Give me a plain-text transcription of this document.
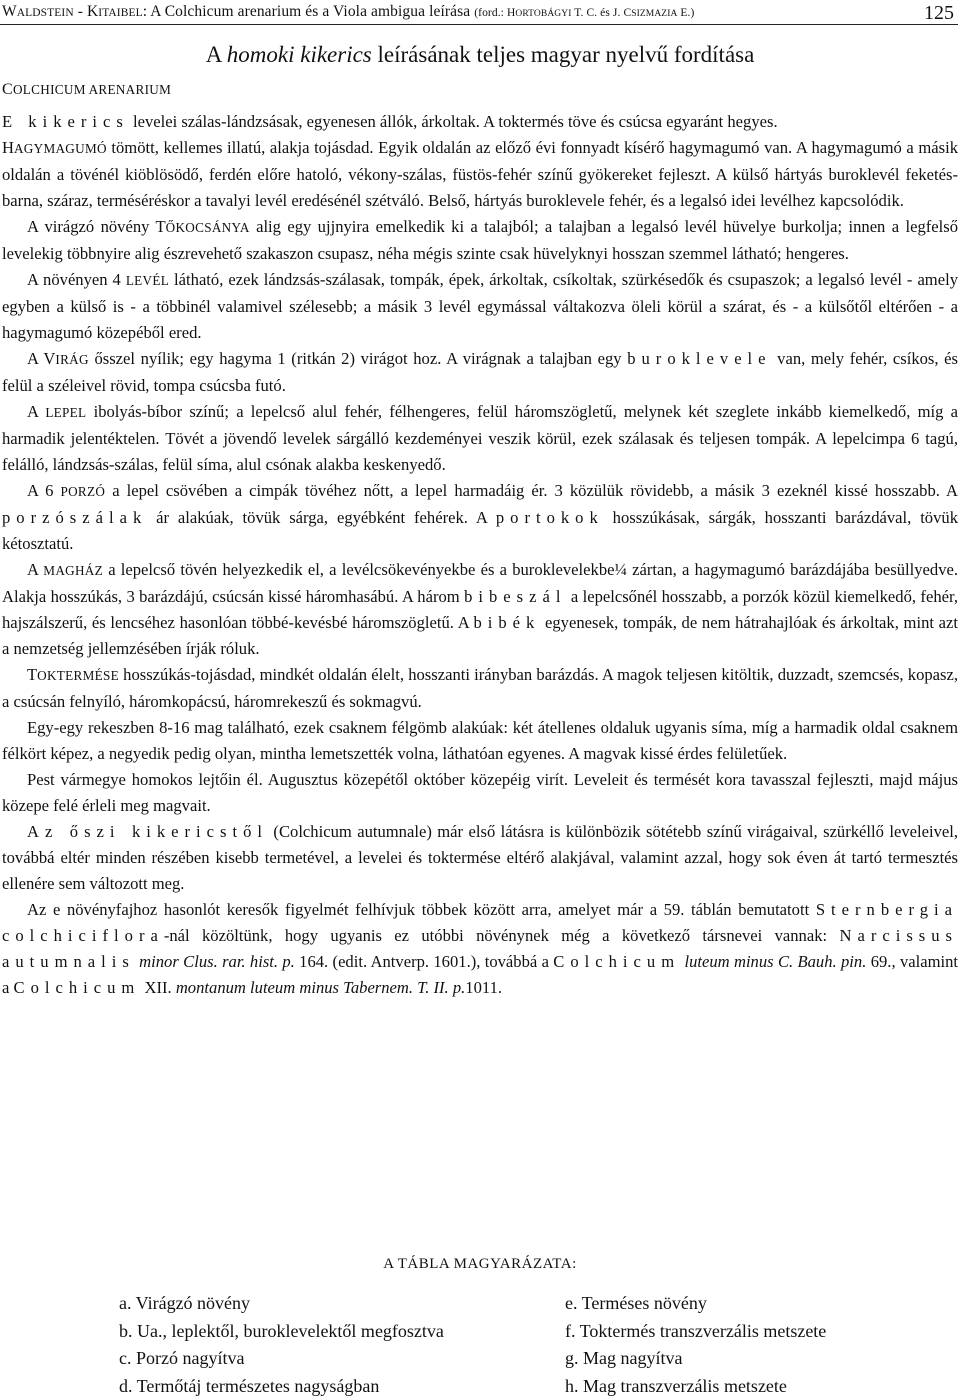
WALDSTEIN - KITAIBEL: A Colchicum arenarium és a Viola ambigua leírása (ford.: HORTOBÁGYI T. C. és J. CSIZMAZIA E.)	125
A homoki kikerics leírásának teljes magyar nyelvű fordítása
COLCHICUM ARENARIUM

E kikerics levelei szálas-lándzsásak, egyenesen állók, árkoltak. A toktermés töve és csúcsa egyaránt hegyes.

HAGYMAGUMÓ tömött, kellemes illatú, alakja tojásdad. Egyik oldalán az előző évi fonnyadt kísérő hagymagumó van. A hagymagumó a másik oldalán a tövénél kiöblösödő, ferdén előre hatoló, vékony-szálas, füstös-fehér színű gyökereket fejleszt. A külső hártyás buroklevél feketés-barna, száraz, terméséréskor a tavalyi levél eredésénél szétváló. Belső, hártyás buroklevele fehér, és a legalsó idei levélhez kapcsolódik.

A virágzó növény TŐKOCSÁNYA alig egy ujjnyira emelkedik ki a talajból; a talajban a legalsó levél hüvelye burkolja; innen a legfelső levelekig többnyire alig észrevehető szakaszon csupasz, néha mégis szinte csak hüvelyknyi hosszan szemmel látható; hengeres.

A növényen 4 LEVÉL látható, ezek lándzsás-szálasak, tompák, épek, árkoltak, csíkoltak, szürkésedők és csupaszok; a legalsó levél - amely egyben a külső is - a többinél valamivel szélesebb; a másik 3 levél egymással váltakozva öleli körül a szárat, és - a külsőtől eltérően - a hagymagumó közepéből ered.

A VIRÁG ősszel nyílik; egy hagyma 1 (ritkán 2) virágot hoz. A virágnak a talajban egy buroklevele van, mely fehér, csíkos, és felül a széleivel rövid, tompa csúcsba futó.

A LEPEL ibolyás-bíbor színű; a lepelcső alul fehér, félhengeres, felül háromszögletű, melynek két szeglete inkább kiemelkedő, míg a harmadik jelentéktelen. Tövét a jövendő levelek sárgálló kezdeményei veszik körül, ezek szálasak és teljesen tompák. A lepelcimpa 6 tagú, felálló, lándzsás-szálas, felül síma, alul csónak alakba keskenyedő.

A 6 PORZÓ a lepel csövében a cimpák tövéhez nőtt, a lepel harmadáig ér. 3 közülük rövidebb, a másik 3 ezeknél kissé hosszabb. A porzószálak ár alakúak, tövük sárga, egyébként fehérek. A portokok hosszúkásak, sárgák, hosszanti barázdával, tövük kétosztatú.

A MAGHÁZ a lepelcső tövén helyezkedik el, a levélcsökevényekbe és a buroklevelekbe¼ zártan, a hagymagumó barázdájába besüllyedve. Alakja hosszúkás, 3 barázdájú, csúcsán kissé háromhasábú. A három bibeszál a lepelcsőnél hosszabb, a porzók közül kiemelkedő, fehér, hajszálszerű, és lencséhez hasonlóan többé-kevésbé háromszögletű. A bibék egyenesek, tompák, de nem hátrahajlóak és árkoltak, mint azt a nemzetség jellemzésében írják róluk.

TOKTERMÉSE hosszúkás-tojásdad, mindkét oldalán élelt, hosszanti irányban barázdás. A magok teljesen kitöltik, duzzadt, szemcsés, kopasz, a csúcsán felnyíló, háromkopácsú, háromrekeszű és sokmagvú.

Egy-egy rekeszben 8-16 mag található, ezek csaknem félgömb alakúak: két átellenes oldaluk ugyanis síma, míg a harmadik oldal csaknem félkört képez, a negyedik pedig olyan, mintha lemetszették volna, láthatóan egyenes. A magvak kissé érdes felületűek.

Pest vármegye homokos lejtőin él. Augusztus közepétől október közepéig virít. Leveleit és termését kora tavasszal fejleszti, majd május közepe felé érleli meg magvait.

Az őszi kikericstől (Colchicum autumnale) már első látásra is különbözik sötétebb színű virágaival, szürkéllő leveleivel, továbbá eltér minden részében kisebb termetével, a levelei és toktermése eltérő alakjával, valamint azzal, hogy sok éven át tartó termesztés ellenére sem változott meg.

Az e növényfajhoz hasonlót keresők figyelmét felhívjuk többek között arra, amelyet már a 59. táblán bemutatott Sternbergia colchiciflora-nál közöltünk, hogy ugyanis ez utóbbi növénynek még a következő társnevei vannak: Narcissus autumnalis minor Clus. rar. hist. p. 164. (edit. Antverp. 1601.), továbbá a Colchicum luteum minus C. Bauh. pin. 69., valamint a Colchicum XII. montanum luteum minus Tabernem. T. II. p.1011.

A TÁBLA MAGYARÁZATA:
a. Virágzó növény
b. Ua., leplektől, buroklevelektől megfosztva
c. Porzó nagyítva
d. Termőtáj természetes nagyságban
e. Terméses növény
f. Toktermés transzverzális metszete
g. Mag nagyítva
h. Mag transzverzális metszete
